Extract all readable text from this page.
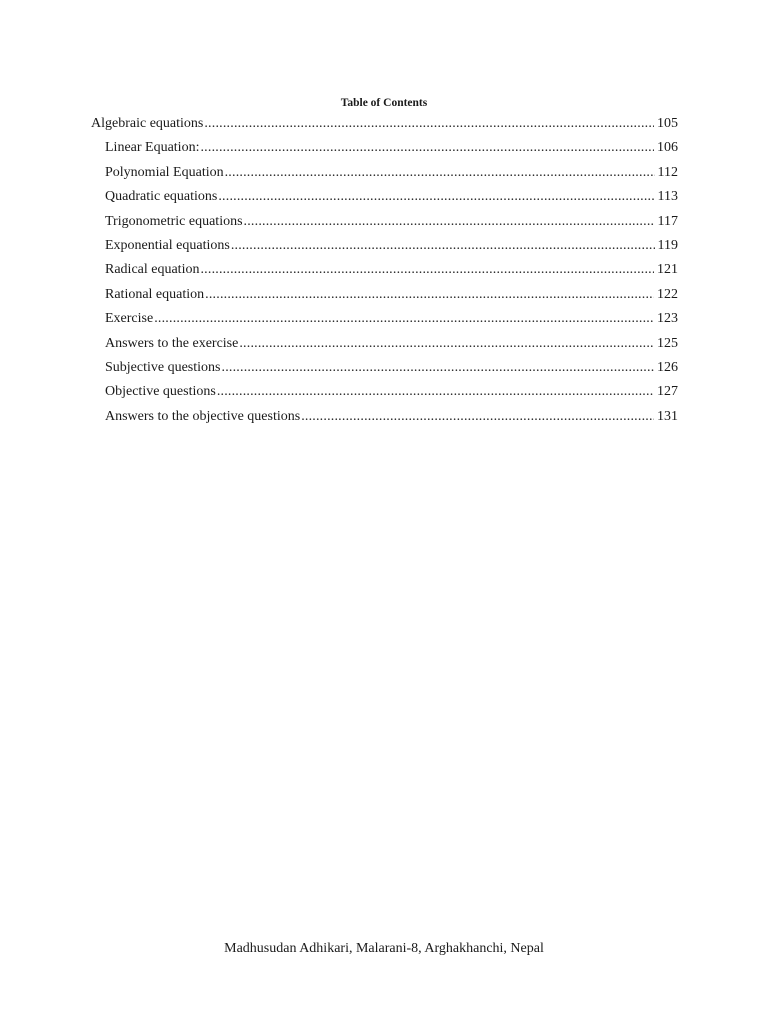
Table of Contents
Algebraic equations .....	105
Linear Equation: .....	106
Polynomial Equation .....	112
Quadratic equations .....	113
Trigonometric equations .....	117
Exponential equations .....	119
Radical equation .....	121
Rational equation .....	122
Exercise .....	123
Answers to the exercise .....	125
Subjective questions .....	126
Objective questions .....	127
Answers to the objective questions .....	131
Madhusudan Adhikari, Malarani-8, Arghakhanchi, Nepal
